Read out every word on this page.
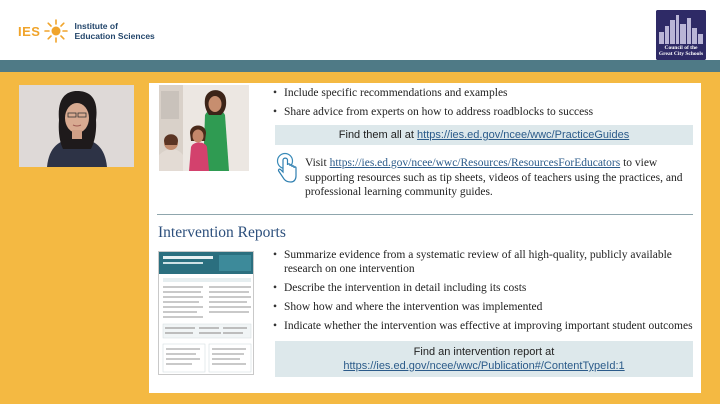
IES	Institute of
Education Sciences
Council of the
Great City Schools
• Include specific recommendations and examples
• Share advice from experts on how to address roadblocks to success
Find them all at https://ies.ed.gov/ncee/wwc/PracticeGuides
Visit https://ies.ed.gov/ncee/wwc/Resources/ResourcesForEducators to view supporting resources such as tip sheets, videos of teachers using the practices, and professional learning community guides.
Intervention Reports
• Summarize evidence from a systematic review of all high-quality, publicly available research on one intervention
• Describe the intervention in detail including its costs
• Show how and where the intervention was implemented
• Indicate whether the intervention was effective at improving important student outcomes
Find an intervention report at
https://ies.ed.gov/ncee/wwc/Publication#/ContentTypeId:1
